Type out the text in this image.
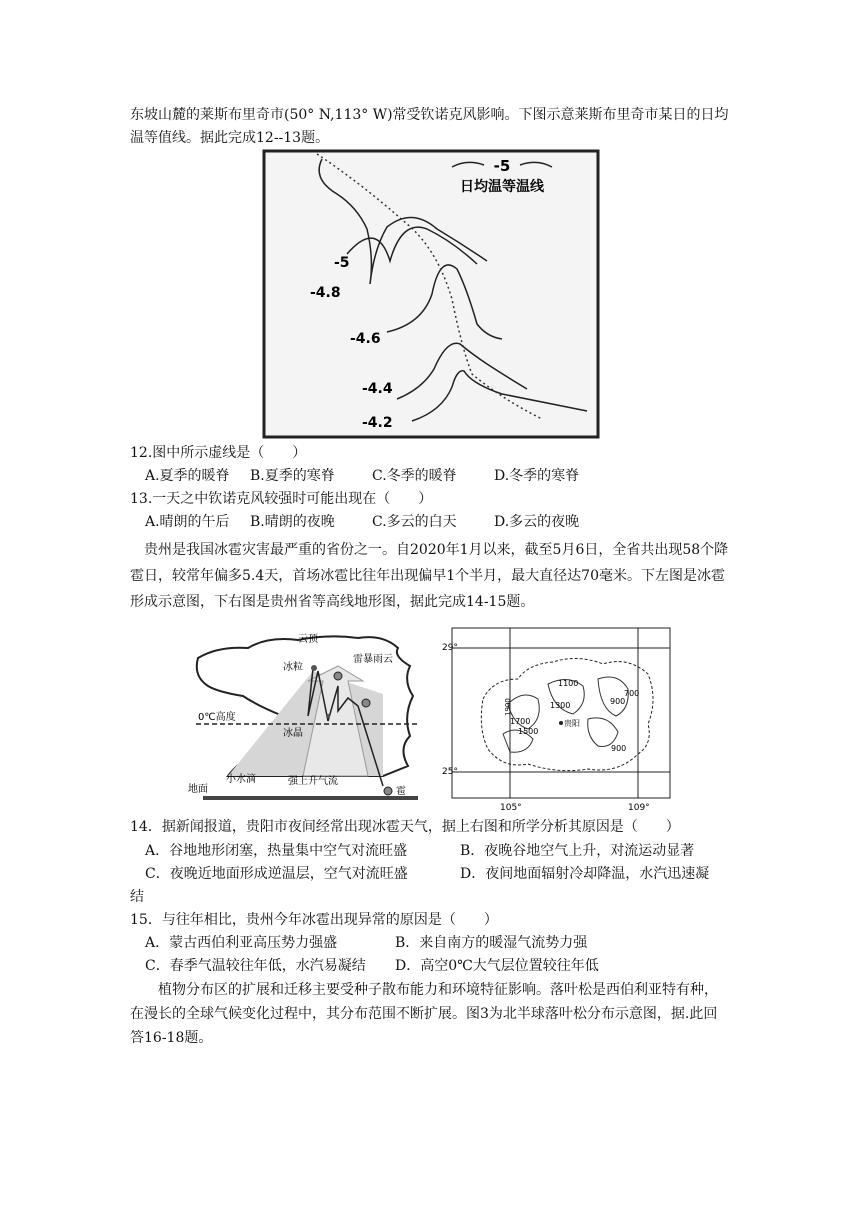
东坡山麓的莱斯布里奇市(50° N,113° W)常受钦诺克风影响。下图示意莱斯布里奇市某日的日均温等值线。据此完成12--13题。

-5
日均温等温线
-5
-4.8
-4.6
-4.4
-4.2
12.图中所示虚线是（　　）
A.夏季的暖脊 B.夏季的寒脊	C.冬季的暖脊	D.冬季的寒脊
13.一天之中钦诺克风较强时可能出现在（　　）
A.晴朗的午后 B.晴朗的夜晚	C.多云的白天	D.多云的夜晚

贵州是我国冰雹灾害最严重的省份之一。自2020年1月以来，截至5月6日，全省共出现58个降雹日，较常年偏多5.4天，首场冰雹比往年出现偏早1个半月，最大直径达70毫米。下左图是冰雹形成示意图，下右图是贵州省等高线地形图，据此完成14-15题。

云顶
雷暴雨云
冰粒
0℃高度
冰晶
小水滴	强上升气流
地面	雹
29°
25°
105°	109°
1100
1300
700
900
1700
1500
900
1900
贵阳
14．据新闻报道，贵阳市夜间经常出现冰雹天气，据上右图和所学分析其原因是（　　）
A．谷地地形闭塞，热量集中空气对流旺盛	B．夜晚谷地空气上升，对流运动显著
C．夜晚近地面形成逆温层，空气对流旺盛	D．夜间地面辐射冷却降温，水汽迅速凝
结
15．与往年相比，贵州今年冰雹出现异常的原因是（　　）
A．蒙古西伯利亚高压势力强盛	B．来自南方的暖湿气流势力强
C．春季气温较往年低，水汽易凝结 D．高空0℃大气层位置较往年低

植物分布区的扩展和迁移主要受种子散布能力和环境特征影响。落叶松是西伯利亚特有种，在漫长的全球气候变化过程中，其分布范围不断扩展。图3为北半球落叶松分布示意图，据.此回答16-18题。
